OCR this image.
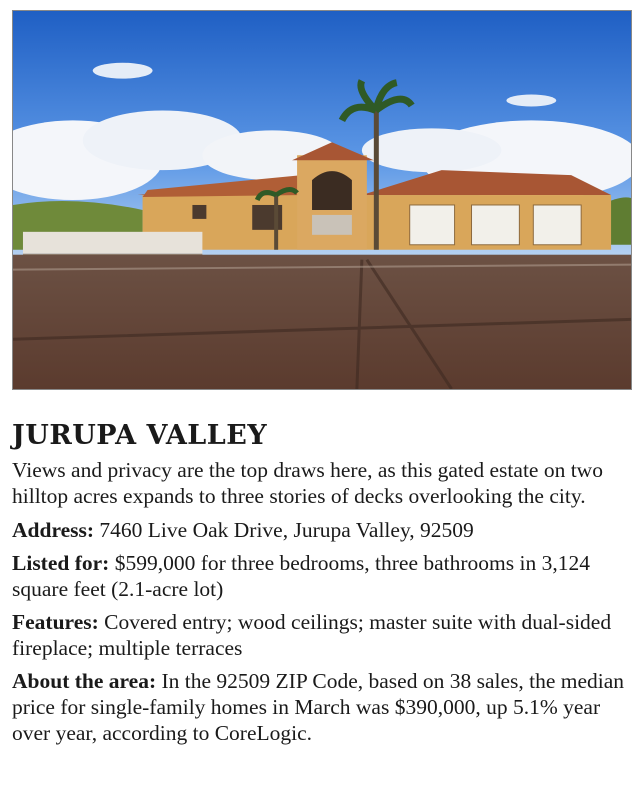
JURUPA VALLEY

Views and privacy are the top draws here, as this gated estate on two hilltop acres expands to three stories of decks overlooking the city.

Address: 7460 Live Oak Drive, Jurupa Valley, 92509

Listed for: $599,000 for three bedrooms, three bathrooms in 3,124 square feet (2.1-acre lot)

Features: Covered entry; wood ceilings; master suite with dual-sided fireplace; multiple terraces

About the area: In the 92509 ZIP Code, based on 38 sales, the median price for single-family homes in March was $390,000, up 5.1% year over year, according to CoreLogic.
